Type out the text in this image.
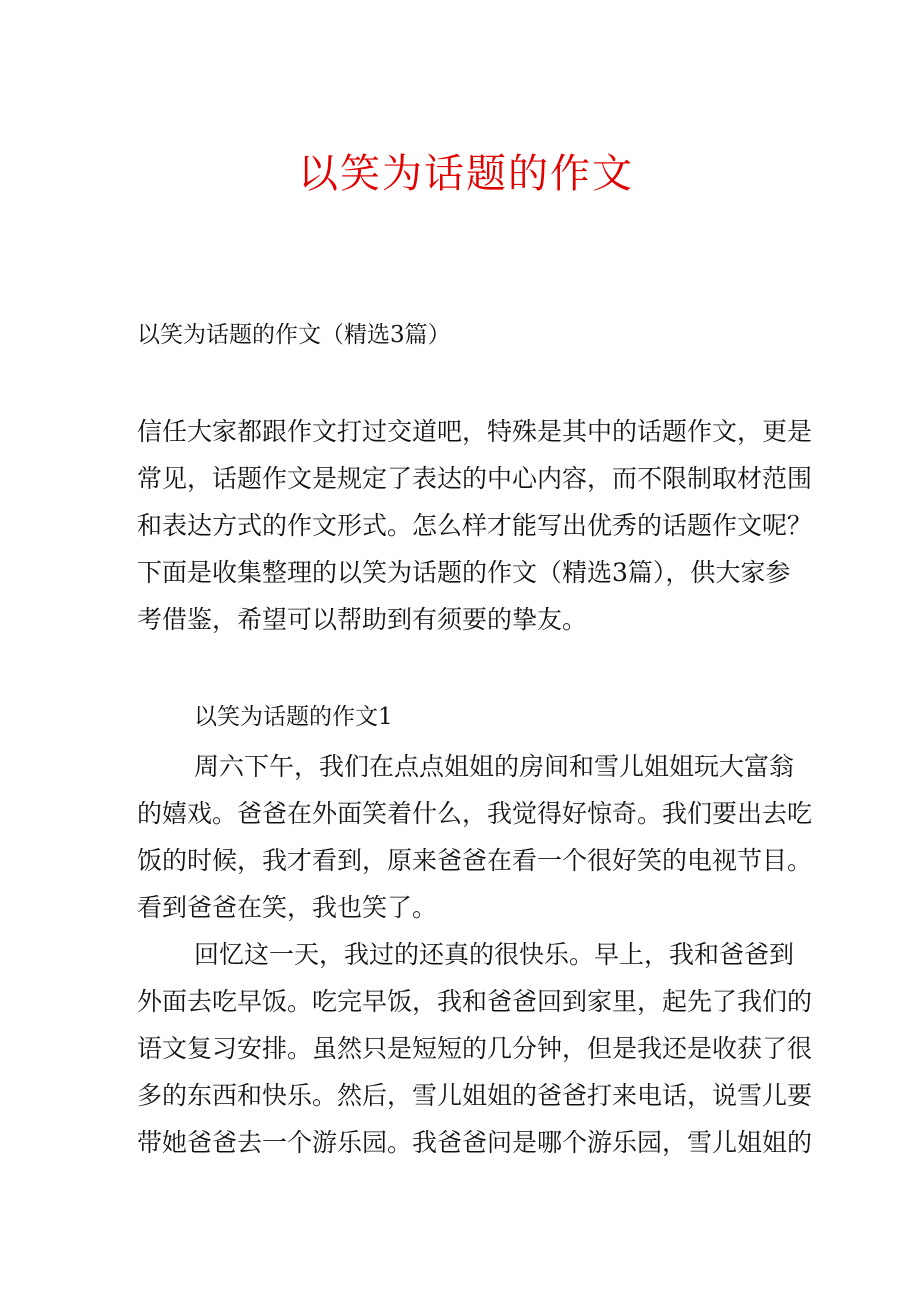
以笑为话题的作文
以笑为话题的作文（精选3篇）
信任大家都跟作文打过交道吧，特殊是其中的话题作文，更是
常见，话题作文是规定了表达的中心内容，而不限制取材范围
和表达方式的作文形式。怎么样才能写出优秀的话题作文呢？
下面是收集整理的以笑为话题的作文（精选3篇），供大家参
考借鉴，希望可以帮助到有须要的挚友。
以笑为话题的作文1
周六下午，我们在点点姐姐的房间和雪儿姐姐玩大富翁
的嬉戏。爸爸在外面笑着什么，我觉得好惊奇。我们要出去吃
饭的时候，我才看到，原来爸爸在看一个很好笑的电视节目。
看到爸爸在笑，我也笑了。
回忆这一天，我过的还真的很快乐。早上，我和爸爸到
外面去吃早饭。吃完早饭，我和爸爸回到家里，起先了我们的
语文复习安排。虽然只是短短的几分钟，但是我还是收获了很
多的东西和快乐。然后，雪儿姐姐的爸爸打来电话，说雪儿要
带她爸爸去一个游乐园。我爸爸问是哪个游乐园，雪儿姐姐的
